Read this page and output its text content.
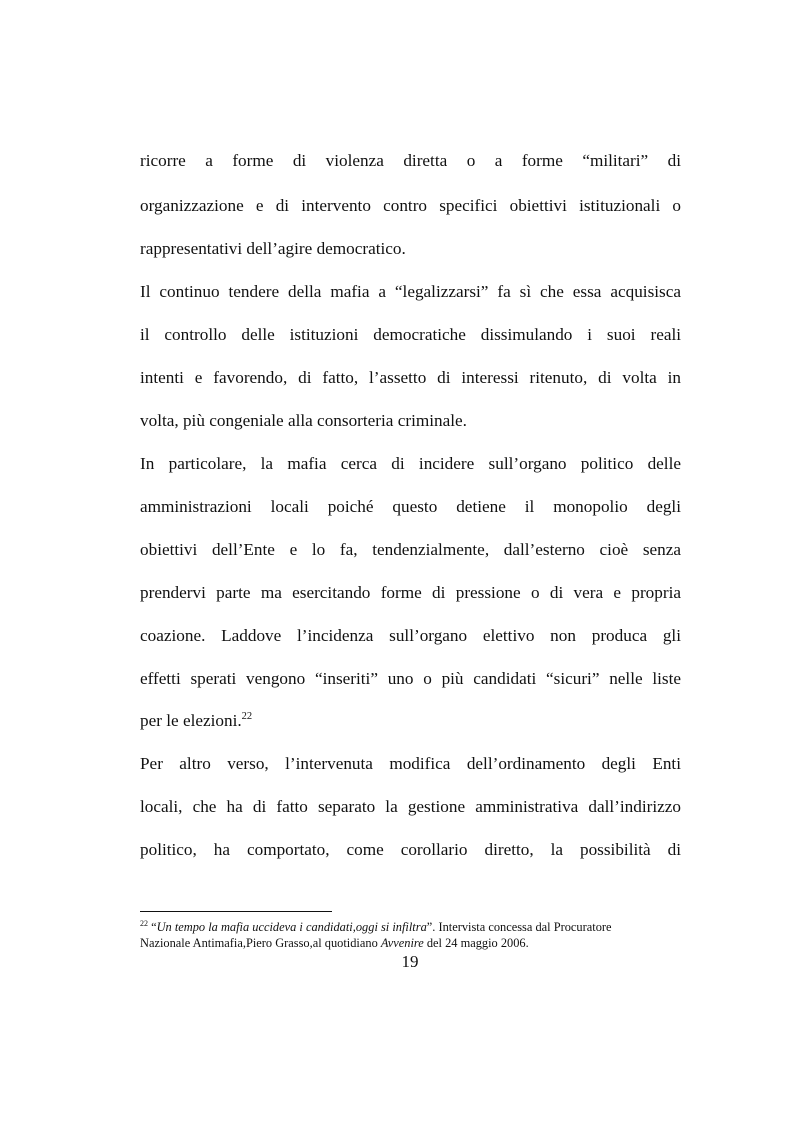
ricorre a forme di violenza diretta o a forme “militari” di
organizzazione e di intervento contro specifici obiettivi istituzionali o
rappresentativi dell’agire democratico.
Il continuo tendere della mafia a “legalizzarsi” fa sì che essa acquisisca
il controllo delle istituzioni democratiche dissimulando i suoi reali
intenti e favorendo, di fatto, l’assetto di interessi ritenuto, di volta in
volta, più congeniale alla consorteria criminale.
In particolare, la mafia cerca di incidere sull’organo politico delle
amministrazioni locali poiché questo detiene il monopolio degli
obiettivi dell’Ente e lo fa, tendenzialmente, dall’esterno cioè senza
prendervi parte ma esercitando forme di pressione o di vera e propria
coazione. Laddove l’incidenza sull’organo elettivo non produca gli
effetti sperati vengono “inseriti” uno o più candidati “sicuri” nelle liste
per le elezioni.$^{22}$
Per altro verso, l’intervenuta modifica dell’ordinamento degli Enti
locali, che ha di fatto separato la gestione amministrativa dall’indirizzo
politico, ha comportato, come corollario diretto, la possibilità di
$^{22}$ “Un tempo la mafia uccideva i candidati,oggi si infiltra”. Intervista concessa dal Procuratore
Nazionale Antimafia,Piero Grasso,al quotidiano Avvenire del 24 maggio 2006.
19
